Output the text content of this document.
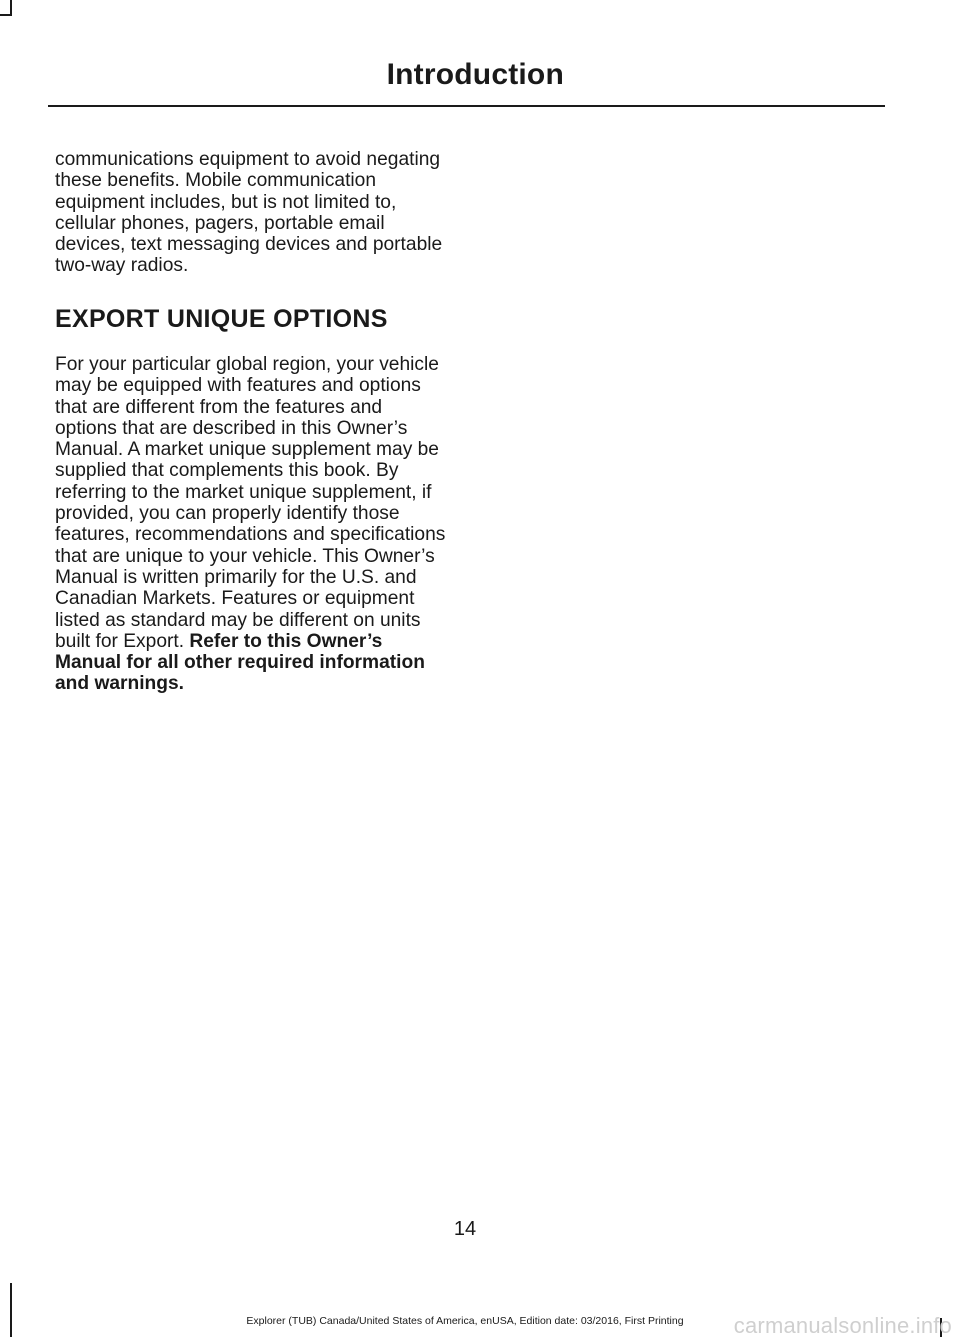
Introduction

communications equipment to avoid negating these benefits. Mobile communication equipment includes, but is not limited to, cellular phones, pagers, portable email devices, text messaging devices and portable two-way radios.

EXPORT UNIQUE OPTIONS

For your particular global region, your vehicle may be equipped with features and options that are different from the features and options that are described in this Owner’s Manual. A market unique supplement may be supplied that complements this book. By referring to the market unique supplement, if provided, you can properly identify those features, recommendations and specifications that are unique to your vehicle. This Owner’s Manual is written primarily for the U.S. and Canadian Markets. Features or equipment listed as standard may be different on units built for Export. Refer to this Owner’s Manual for all other required information and warnings.

14
Explorer (TUB) Canada/United States of America, enUSA, Edition date: 03/2016, First Printing	carmanualsonline.info
